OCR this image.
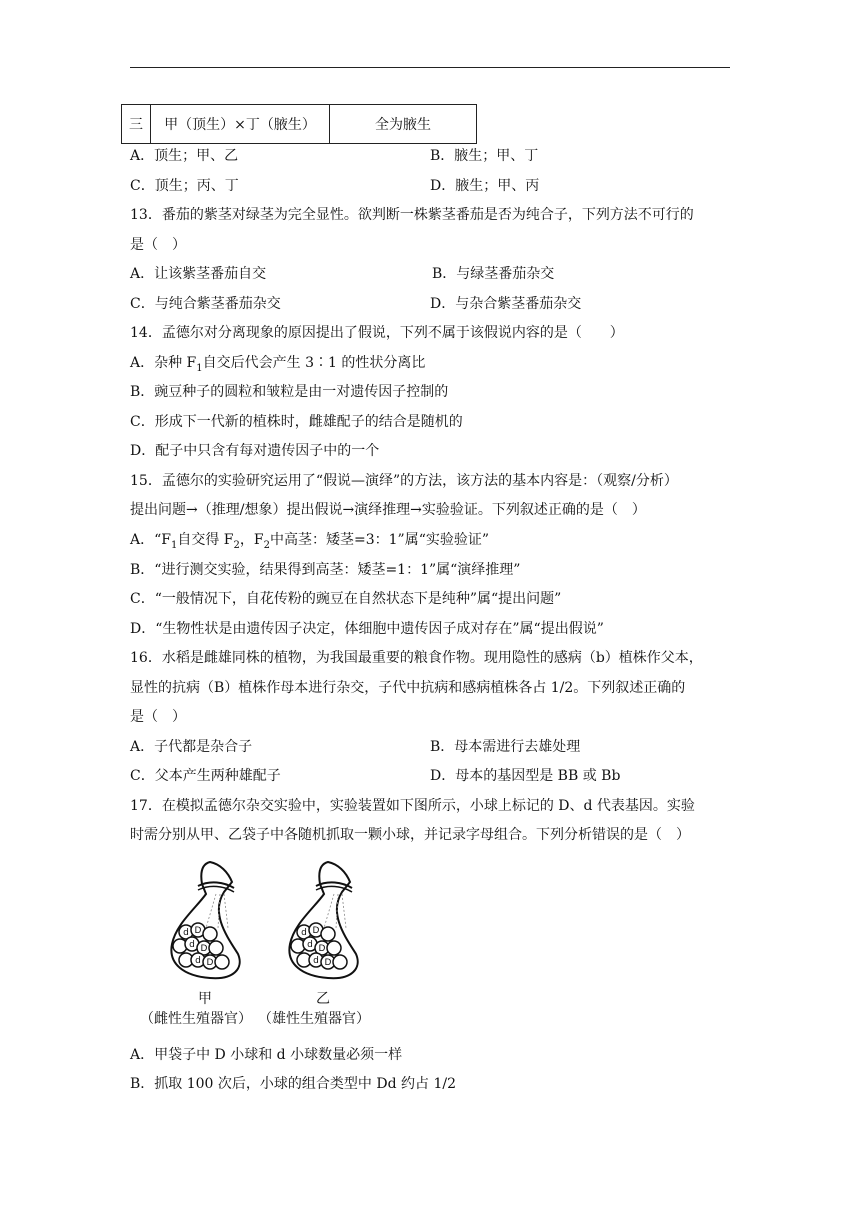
三	甲（顶生）×丁（腋生）	全为腋生
A．顶生；甲、乙	B．腋生；甲、丁
C．顶生；丙、丁	D．腋生；甲、丙
13．番茄的紫茎对绿茎为完全显性。欲判断一株紫茎番茄是否为纯合子，下列方法不可行的
是（　）
A．让该紫茎番茄自交	B．与绿茎番茄杂交
C．与纯合紫茎番茄杂交	D．与杂合紫茎番茄杂交
14．孟德尔对分离现象的原因提出了假说，下列不属于该假说内容的是（　　）
A．杂种 $F_1$自交后代会产生 3∶1 的性状分离比
B．豌豆种子的圆粒和皱粒是由一对遗传因子控制的
C．形成下一代新的植株时，雌雄配子的结合是随机的
D．配子中只含有每对遗传因子中的一个
15．孟德尔的实验研究运用了“假说—演绎”的方法，该方法的基本内容是：（观察/分析）
提出问题→（推理/想象）提出假说→演绎推理→实验验证。下列叙述正确的是（　）
A．“$F_1$自交得 $F_2$，$F_2$中高茎：矮茎=3：1”属“实验验证”
B．“进行测交实验，结果得到高茎：矮茎=1：1”属“演绎推理”
C．“一般情况下，自花传粉的豌豆在自然状态下是纯种”属“提出问题”
D．“生物性状是由遗传因子决定，体细胞中遗传因子成对存在”属“提出假说”
16．水稻是雌雄同株的植物，为我国最重要的粮食作物。现用隐性的感病（b）植株作父本，
显性的抗病（B）植株作母本进行杂交，子代中抗病和感病植株各占 1/2。下列叙述正确的
是（　）
A．子代都是杂合子	B．母本需进行去雄处理
C．父本产生两种雄配子	D．母本的基因型是 BB 或 Bb
17．在模拟孟德尔杂交实验中，实验装置如下图所示，小球上标记的 D、d 代表基因。实验
时需分别从甲、乙袋子中各随机抓取一颗小球，并记录字母组合。下列分析错误的是（　）
d D
d D
d D
d D
d D
d D
甲	乙
（雌性生殖器官） （雄性生殖器官）
A．甲袋子中 D 小球和 d 小球数量必须一样
B．抓取 100 次后，小球的组合类型中 Dd 约占 1/2
